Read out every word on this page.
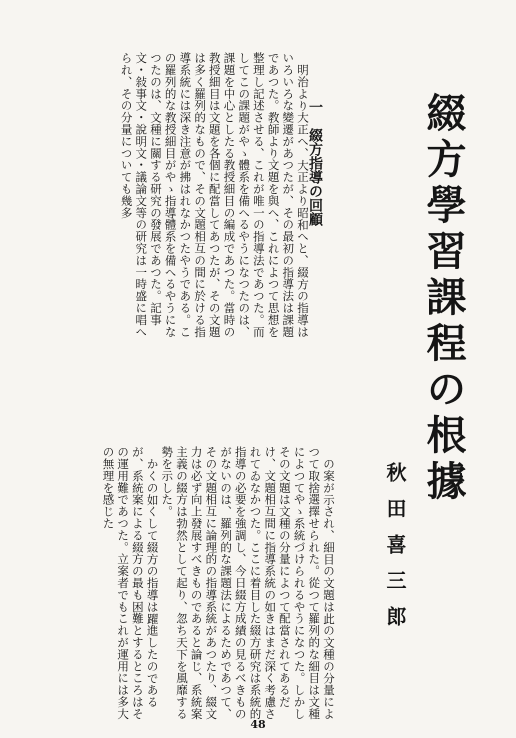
綴方學習課程の根據
秋田喜三郎
一　綴方指導の回顧

明治より大正へ、大正より昭和へと、綴方の指導はいろいろな變遷があつたが、その最初の指導法は課題であつた。教師より文題を與へ、これによつて思想を整理し記述させる、これが唯一の指導法であつた。而してこの課題がやゝ體系を備へるやうになつたのは、課題を中心としたる教授細目の編成であつた。當時の教授細目は文題を各個に配當してあつたが、その文題は多く羅列的なもので、その文題相互の間に於ける指導系統には深き注意が拂はれなかつたやうである。この羅列的な教授細目がやゝ指導體系を備へるやうになつたのは、文種に關する研究の發展であつた。記事文・敍事文・說明文・議論文等の研究は一時盛に唱へられ、その分量についても幾多

の案が示され、細目の文題は此の文種の分量によつて取捨選擇せられた。從つて羅列的な細目は文種によつてやゝ系統づけられるやうになつた。しかしその文題は文種の分量によつて配當されてあるだけ、文題相互間に指導系統の如きはまだ深く考慮されてゐなかつた。ここに着目した綴方研究は系統的指導の必要を強調し、今日綴方成績の見るべきものがないのは、羅列的な課題法によるためであつて、その文題相互に論理的の指導系統があつたり、綴文力は必ず向上發展すべきものであると論じ、系統案主義の綴方は勃然として起り、忽ち天下を風靡する勢を示した。

かくの如くして綴方の指導は躍進したのであるが、系統案による綴方の最も困難とするところはその運用難であつた。立案者でもこれが運用には多大の無理を感じた

48
